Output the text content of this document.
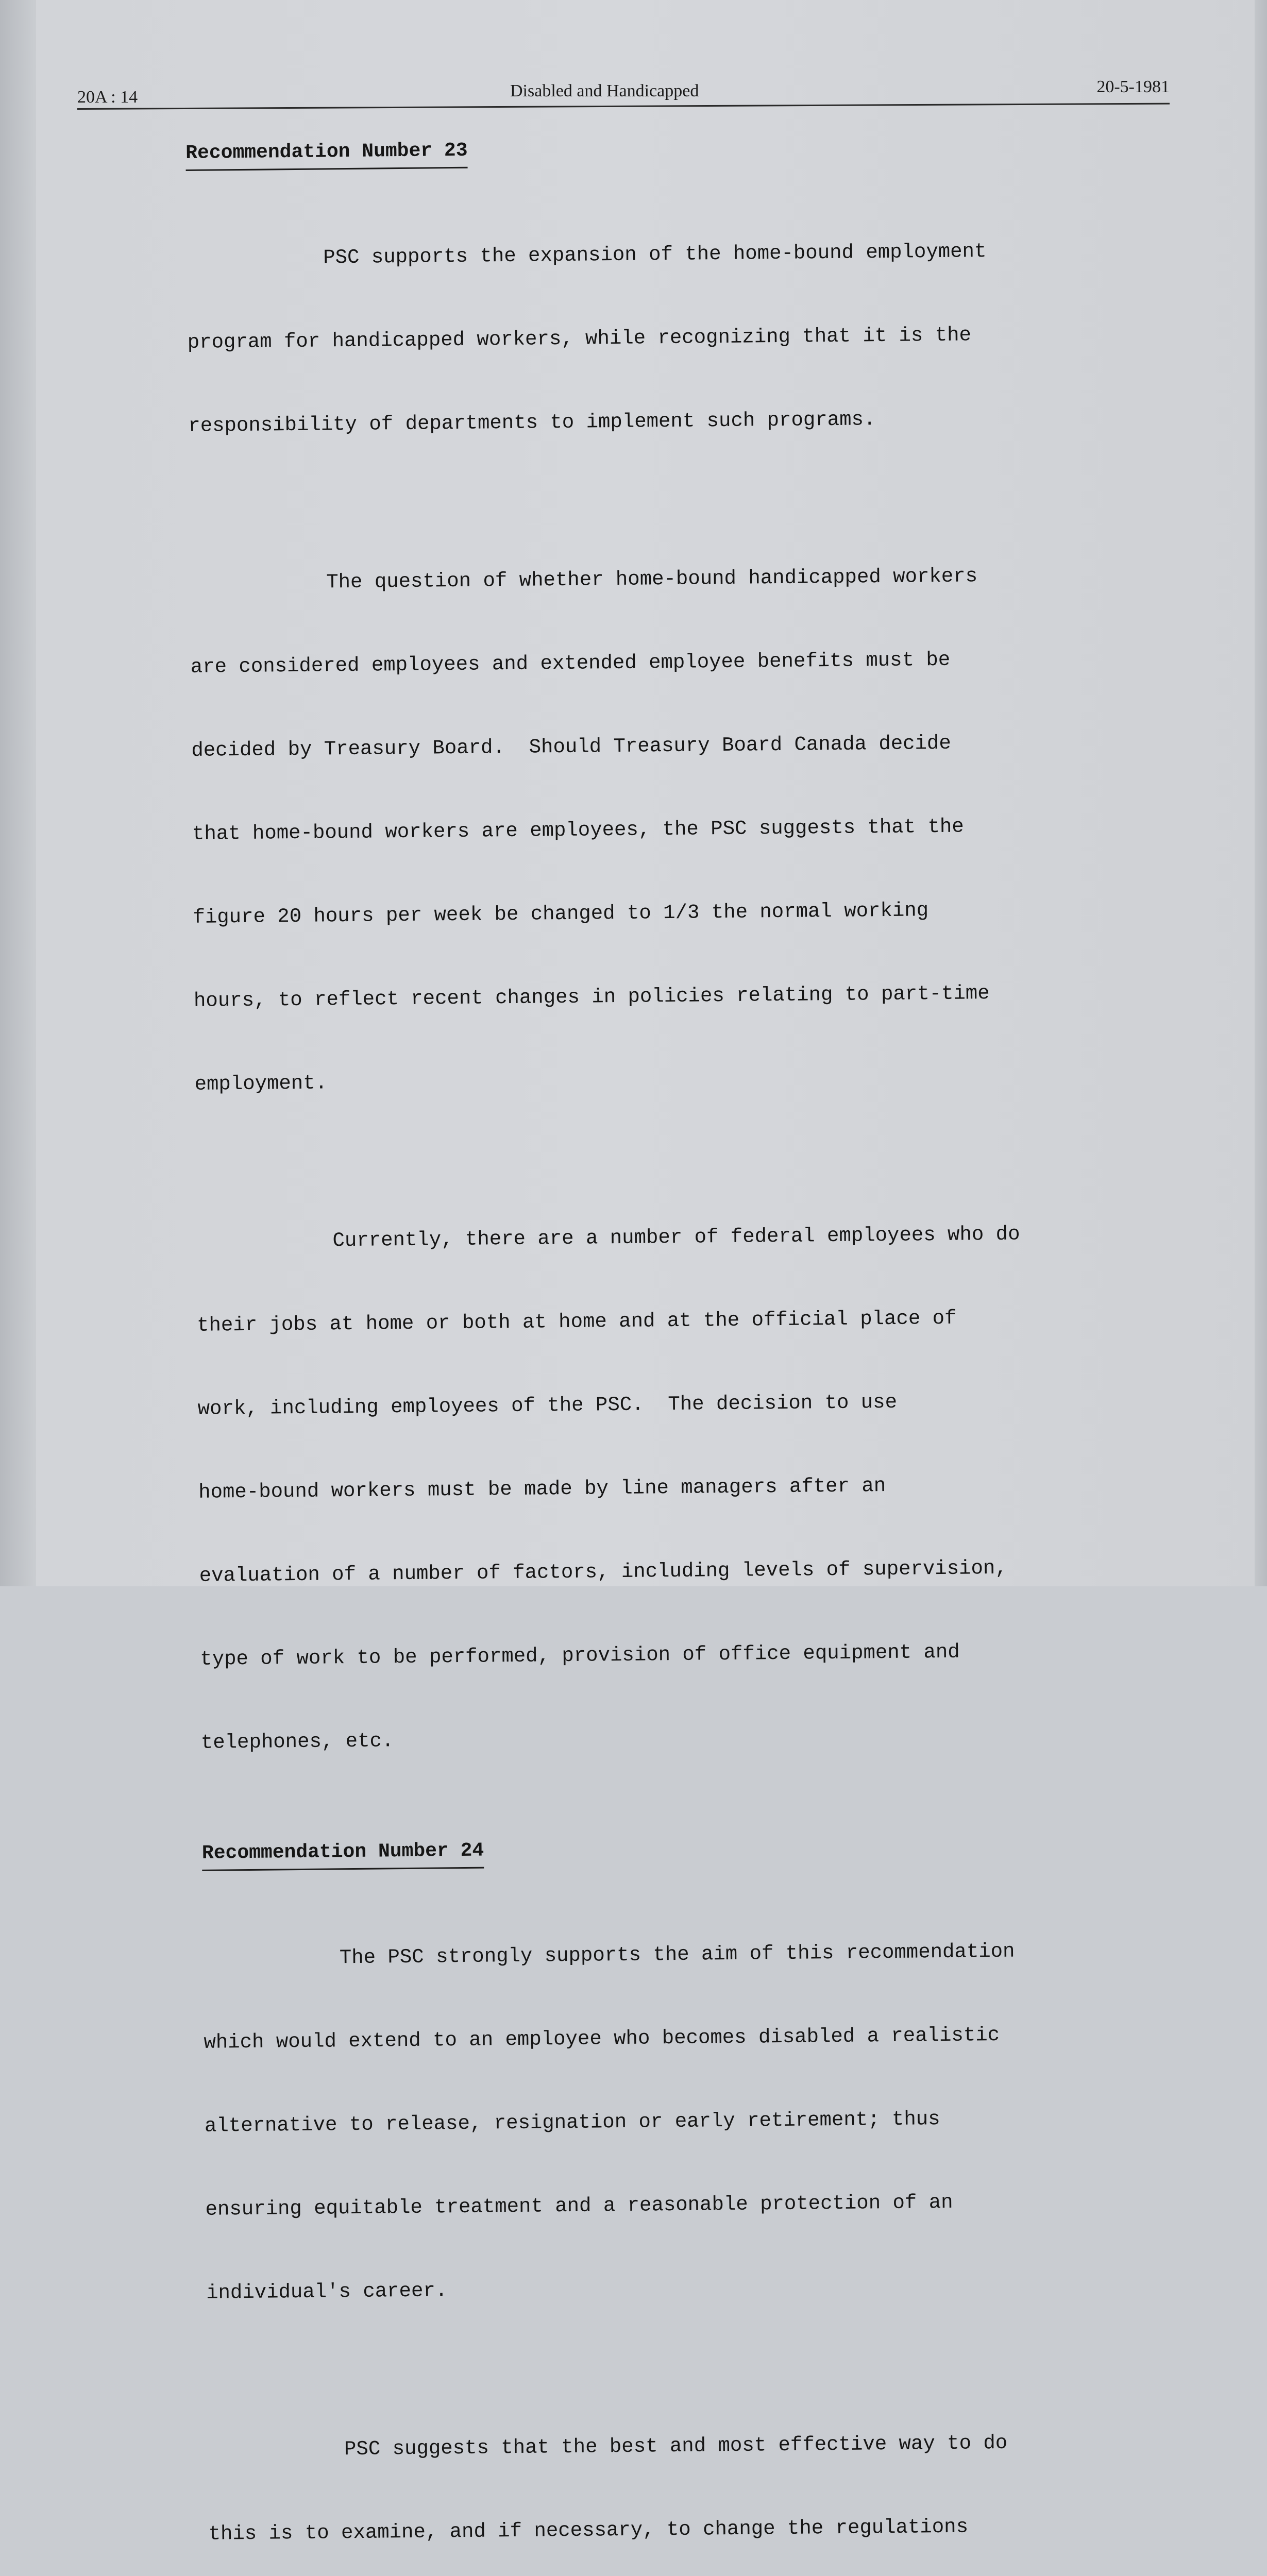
20A : 14	Disabled and Handicapped	20-5-1981
Recommendation Number 23

PSC supports the expansion of the home-bound employment

program for handicapped workers, while recognizing that it is the

responsibility of departments to implement such programs.

The question of whether home-bound handicapped workers

are considered employees and extended employee benefits must be

decided by Treasury Board.  Should Treasury Board Canada decide

that home-bound workers are employees, the PSC suggests that the

figure 20 hours per week be changed to 1/3 the normal working

hours, to reflect recent changes in policies relating to part-time

employment.

Currently, there are a number of federal employees who do

their jobs at home or both at home and at the official place of

work, including employees of the PSC.  The decision to use

home-bound workers must be made by line managers after an

evaluation of a number of factors, including levels of supervision,

type of work to be performed, provision of office equipment and

telephones, etc.

Recommendation Number 24

The PSC strongly supports the aim of this recommendation

which would extend to an employee who becomes disabled a realistic

alternative to release, resignation or early retirement; thus

ensuring equitable treatment and a reasonable protection of an

individual's career.

PSC suggests that the best and most effective way to do

this is to examine, and if necessary, to change the regulations
